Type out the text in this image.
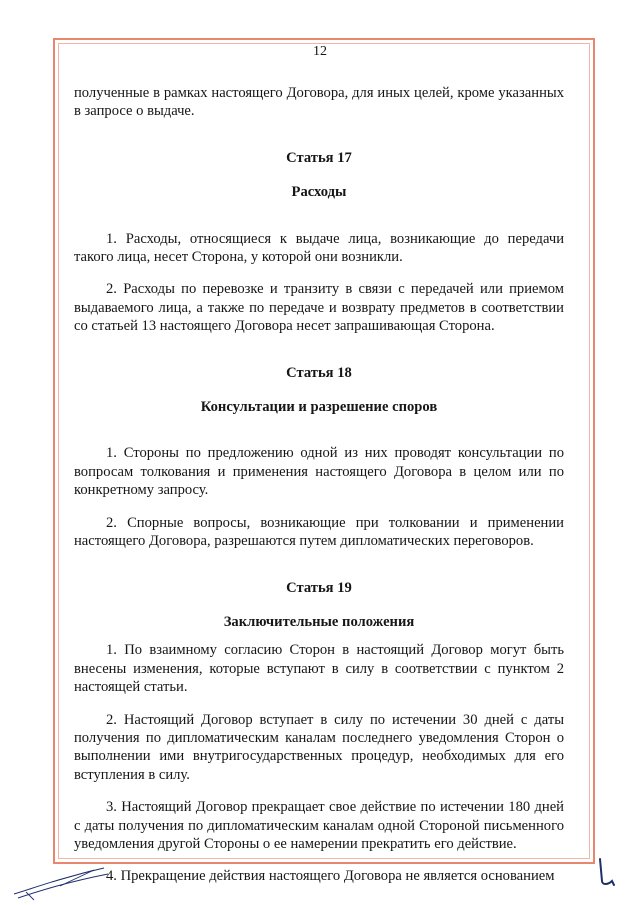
12

полученные в рамках настоящего Договора, для иных целей, кроме указанных в запросе о выдаче.

Статья 17

Расходы

1. Расходы, относящиеся к выдаче лица, возникающие до передачи такого лица, несет Сторона, у которой они возникли.

2. Расходы по перевозке и транзиту в связи с передачей или приемом выдаваемого лица, а также по передаче и возврату предметов в соответствии со статьей 13 настоящего Договора несет запрашивающая Сторона.

Статья 18

Консультации и разрешение споров

1. Стороны по предложению одной из них проводят консультации по вопросам толкования и применения настоящего Договора в целом или по конкретному запросу.

2. Спорные вопросы, возникающие при толковании и применении настоящего Договора, разрешаются путем дипломатических переговоров.

Статья 19

Заключительные положения

1. По взаимному согласию Сторон в настоящий Договор могут быть внесены изменения, которые вступают в силу в соответствии с пунктом 2 настоящей статьи.

2. Настоящий Договор вступает в силу по истечении 30 дней с даты получения по дипломатическим каналам последнего уведомления Сторон о выполнении ими внутригосударственных процедур, необходимых для его вступления в силу.

3. Настоящий Договор прекращает свое действие по истечении 180 дней с даты получения по дипломатическим каналам одной Стороной письменного уведомления другой Стороны о ее намерении прекратить его действие.

4. Прекращение действия настоящего Договора не является основанием
